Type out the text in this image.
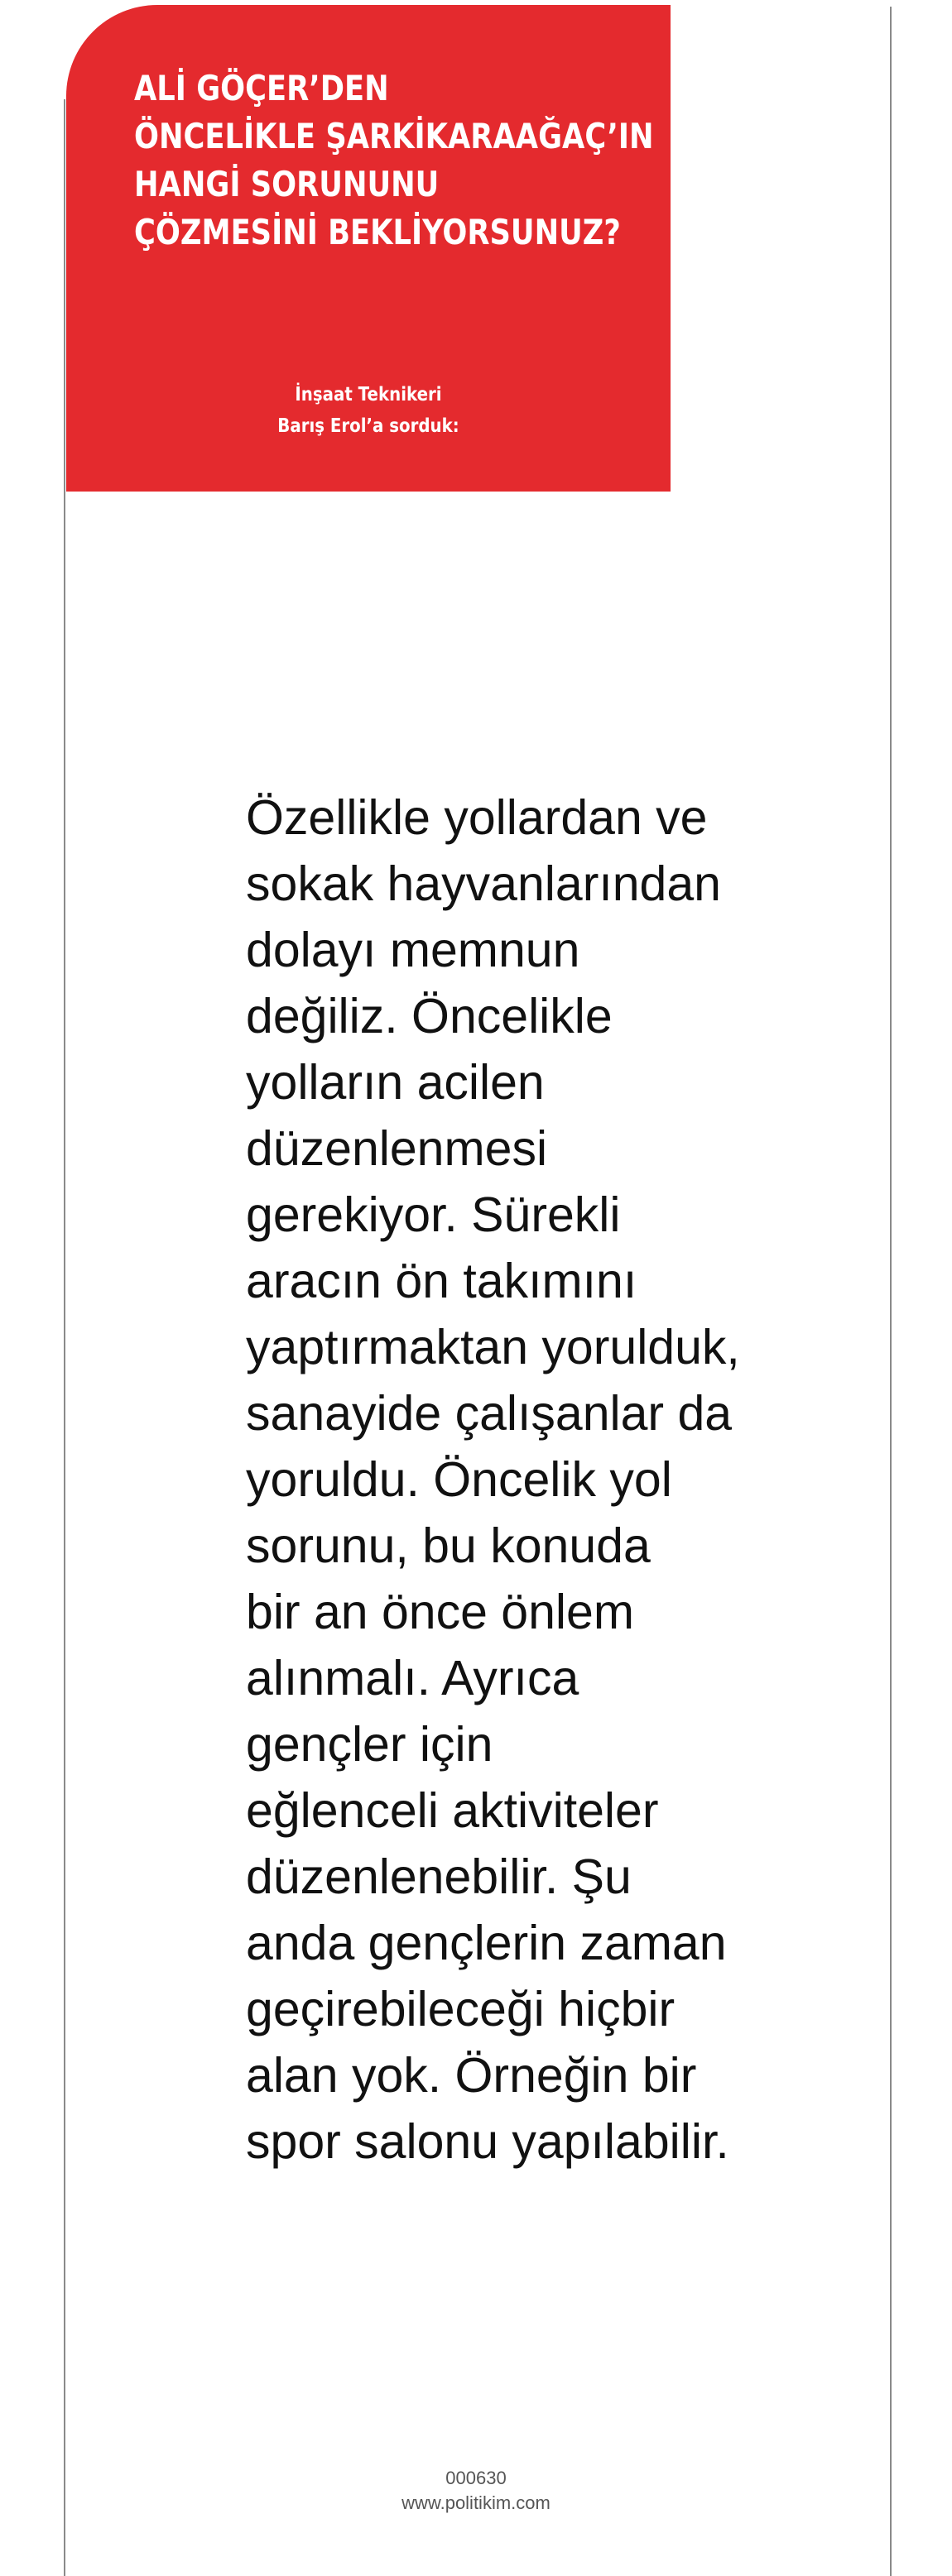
ALİ GÖÇER’DEN
ÖNCELİKLE ŞARKİKARAAĞAÇ’IN
HANGİ SORUNUNU
ÇÖZMESİNİ BEKLİYORSUNUZ?
İnşaat Teknikeri
Barış Erol’a sorduk:
Özellikle yollardan ve
sokak hayvanlarından
dolayı memnun
değiliz. Öncelikle
yolların acilen
düzenlenmesi
gerekiyor. Sürekli
aracın ön takımını
yaptırmaktan yorulduk,
sanayide çalışanlar da
yoruldu. Öncelik yol
sorunu, bu konuda
bir an önce önlem
alınmalı. Ayrıca
gençler için
eğlenceli aktiviteler
düzenlenebilir. Şu
anda gençlerin zaman
geçirebileceği hiçbir
alan yok. Örneğin bir
spor salonu yapılabilir.
000630
www.politikim.com
